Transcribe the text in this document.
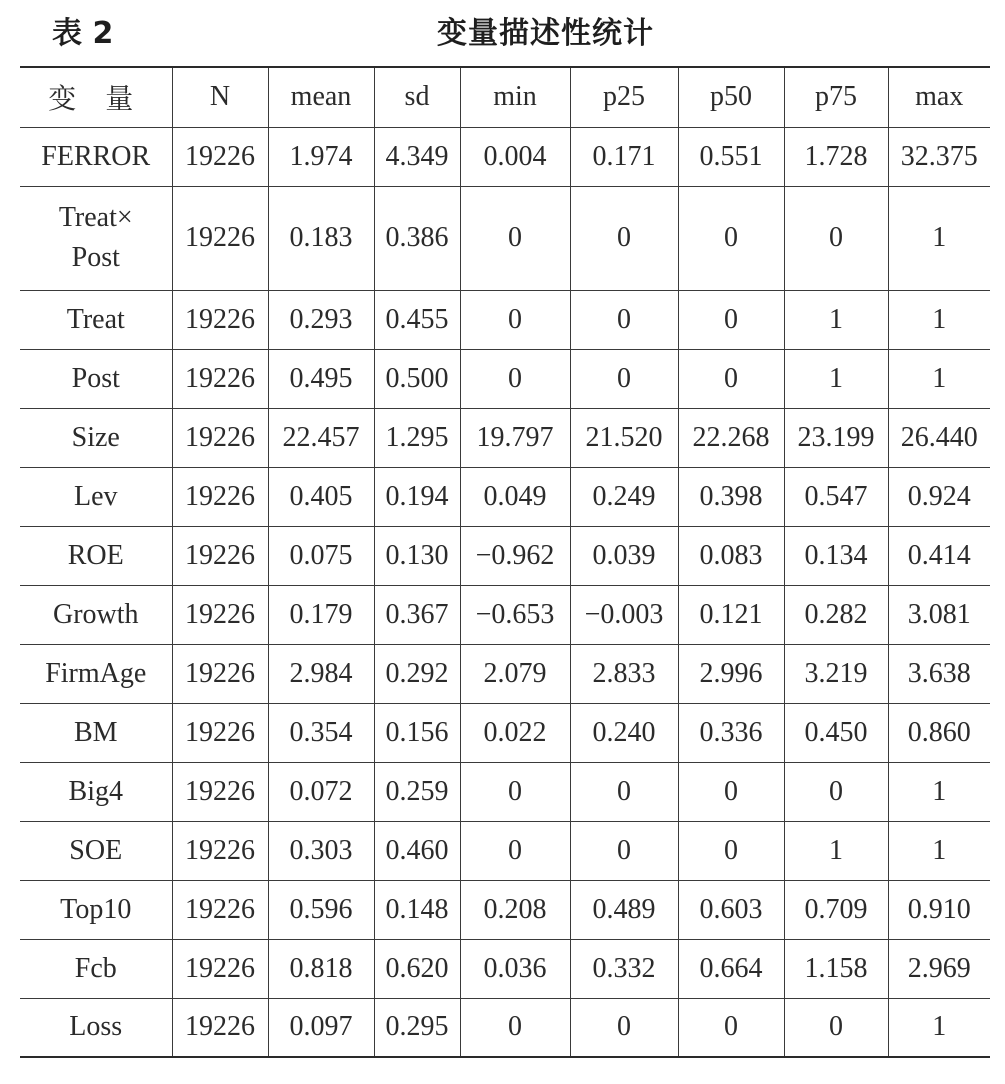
表 2	变量描述性统计
变 量	N	mean	sd	min	p25	p50	p75	max
FERROR	19226	1.974	4.349	0.004	0.171	0.551	1.728	32.375

Treat×
Post	19226	0.183	0.386	0	0	0	0	1
Treat	19226	0.293	0.455	0	0	0	1	1
Post	19226	0.495	0.500	0	0	0	1	1
Size	19226	22.457	1.295	19.797	21.520	22.268	23.199	26.440
Lev	19226	0.405	0.194	0.049	0.249	0.398	0.547	0.924
ROE	19226	0.075	0.130	−0.962	0.039	0.083	0.134	0.414
Growth	19226	0.179	0.367	−0.653	−0.003	0.121	0.282	3.081
FirmAge	19226	2.984	0.292	2.079	2.833	2.996	3.219	3.638
BM	19226	0.354	0.156	0.022	0.240	0.336	0.450	0.860
Big4	19226	0.072	0.259	0	0	0	0	1
SOE	19226	0.303	0.460	0	0	0	1	1
Top10	19226	0.596	0.148	0.208	0.489	0.603	0.709	0.910
Fcb	19226	0.818	0.620	0.036	0.332	0.664	1.158	2.969
Loss	19226	0.097	0.295	0	0	0	0	1
